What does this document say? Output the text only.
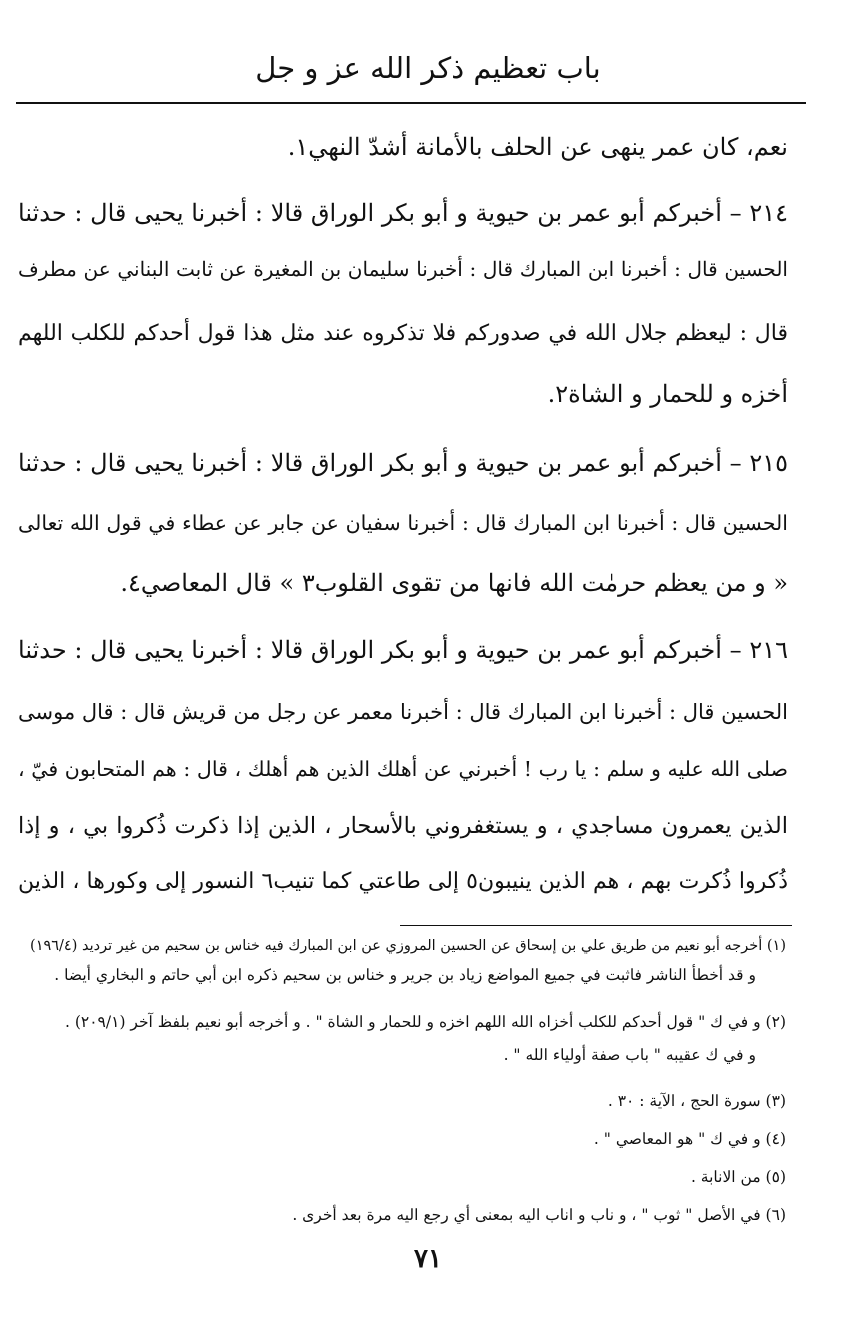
باب تعظيم ذكر الله عز و جل
نعم، كان عمر ينهى عن الحلف بالأمانة أشدّ النهي١.
٢١٤ – أخبركم أبو عمر بن حيوية و أبو بكر الوراق قالا : أخبرنا يحيى قال : حدثنا
الحسين قال : أخبرنا ابن المبارك قال : أخبرنا سليمان بن المغيرة عن ثابت البناني عن مطرف
قال : ليعظم جلال الله في صدوركم فلا تذكروه عند مثل هذا قول أحدكم للكلب اللهم
أخزه و للحمار و الشاة٢.
٢١٥ – أخبركم أبو عمر بن حيوية و أبو بكر الوراق قالا : أخبرنا يحيى قال : حدثنا
الحسين قال : أخبرنا ابن المبارك قال : أخبرنا سفيان عن جابر عن عطاء في قول الله تعالى
« و من يعظم حرمٰت الله فانها من تقوى القلوب٣ » قال المعاصي٤.
٢١٦ – أخبركم أبو عمر بن حيوية و أبو بكر الوراق قالا : أخبرنا يحيى قال : حدثنا
الحسين قال : أخبرنا ابن المبارك قال : أخبرنا معمر عن رجل من قريش قال : قال موسى
صلى الله عليه و سلم : يا رب ! أخبرني عن أهلك الذين هم أهلك ، قال : هم المتحابون فيّ ،
الذين يعمرون مساجدي ، و يستغفروني بالأسحار ، الذين إذا ذكرت ذُكروا بي ، و إذا
ذُكروا ذُكرت بهم ، هم الذين ينيبون٥ إلى طاعتي كما تنيب٦ النسور إلى وكورها ، الذين
(١) أخرجه أبو نعيم من طريق علي بن إسحاق عن الحسين المروزي عن ابن المبارك فيه خناس بن سحيم من غير ترديد (١٩٦/٤)
و قد أخطأ الناشر فاثبت في جميع المواضع زياد بن جرير و خناس بن سحيم ذكره ابن أبي حاتم و البخاري أيضا .
(٢) و في ك " قول أحدكم للكلب أخزاه الله اللهم اخزه و للحمار و الشاة " . و أخرجه أبو نعيم بلفظ آخر (٢٠٩/١) .
و في ك عقيبه " باب صفة أولياء الله " .
(٣) سورة الحج ، الآية : ٣٠ .
(٤) و في ك " هو المعاصي " .
(٥) من الانابة .
(٦) في الأصل " ثوب " ، و ناب و اناب اليه بمعنى أي رجع اليه مرة بعد أخرى .
٧١
